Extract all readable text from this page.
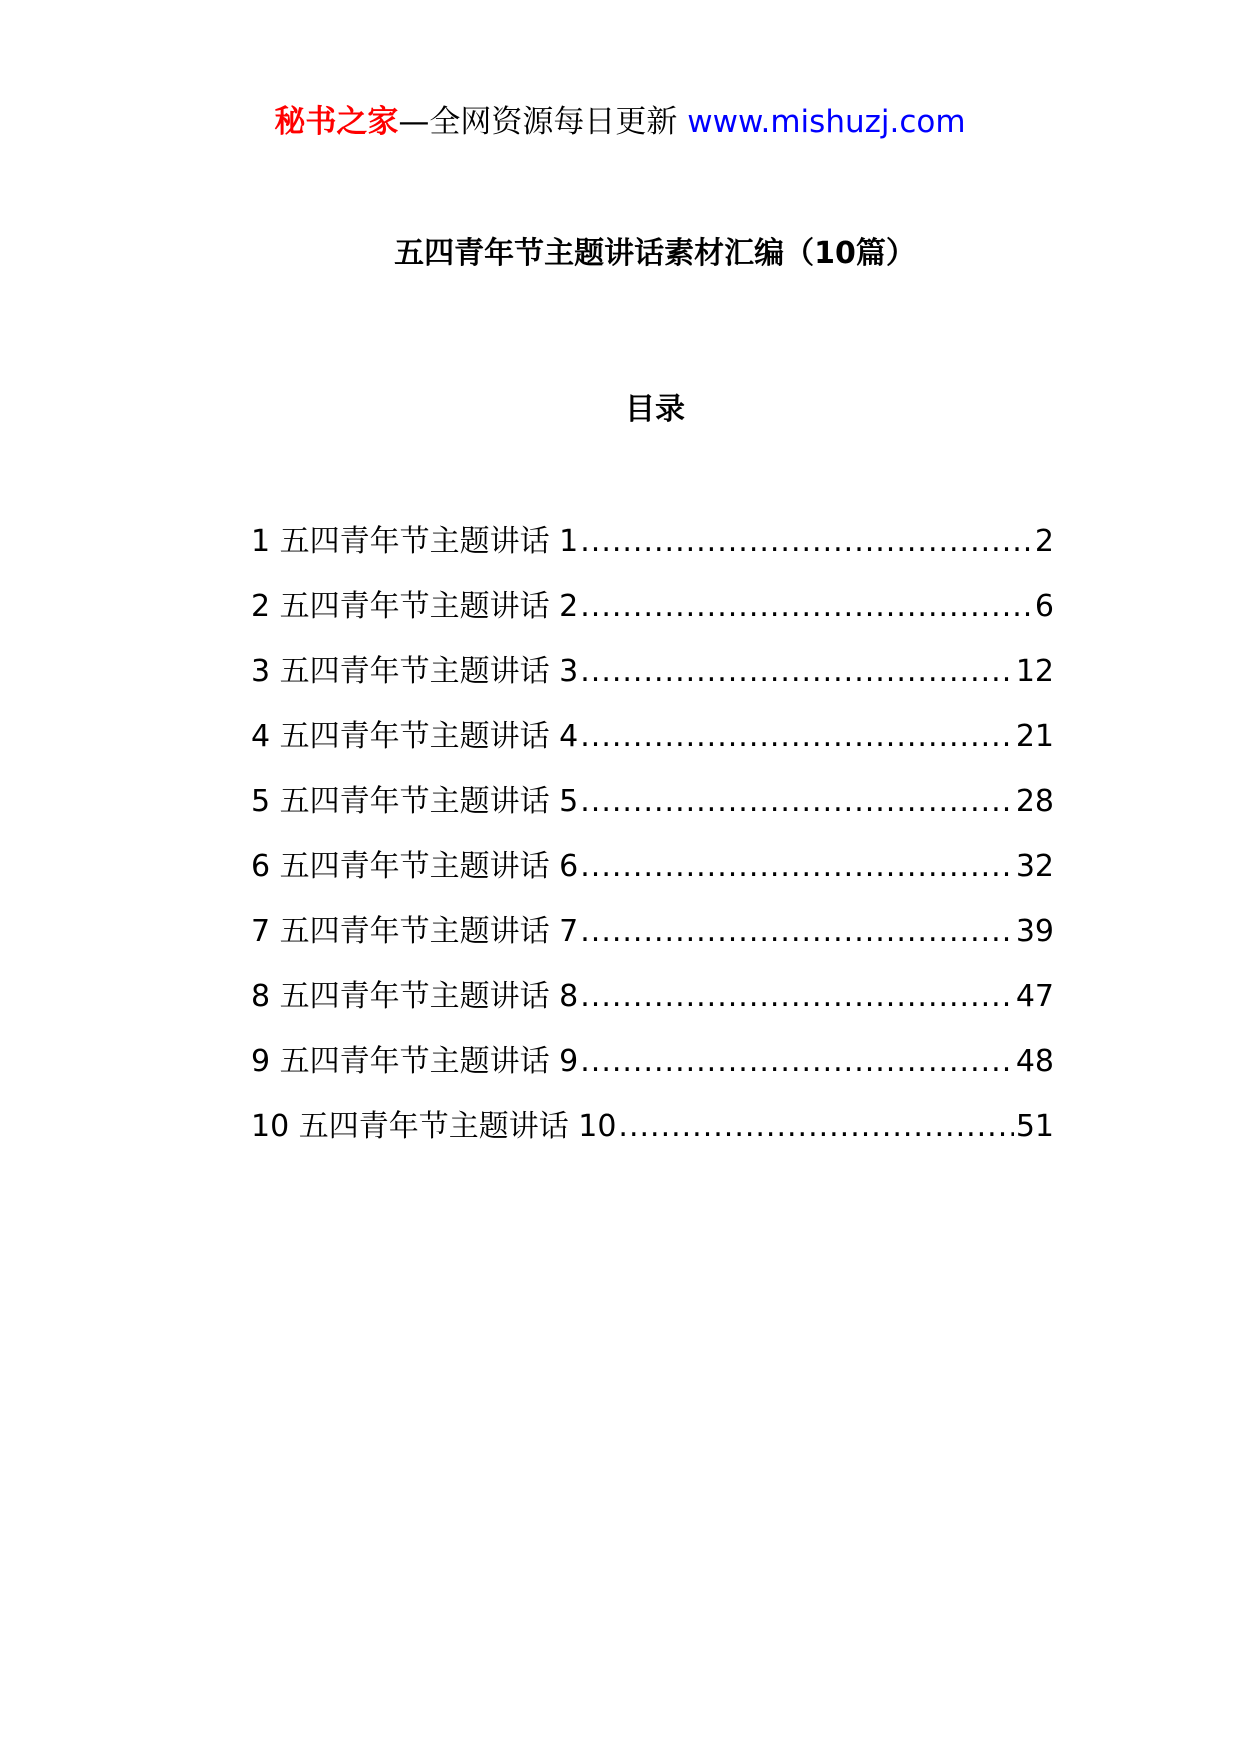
秘书之家—全网资源每日更新 www.mishuzj.com
五四青年节主题讲话素材汇编（10篇）
目录
1 五四青年节主题讲话 1 .....	2
2 五四青年节主题讲话 2 .....	6
3 五四青年节主题讲话 3 .....	12
4 五四青年节主题讲话 4 .....	21
5 五四青年节主题讲话 5 .....	28
6 五四青年节主题讲话 6 .....	32
7 五四青年节主题讲话 7 .....	39
8 五四青年节主题讲话 8 .....	47
9 五四青年节主题讲话 9 .....	48
10 五四青年节主题讲话 10 .....	51
